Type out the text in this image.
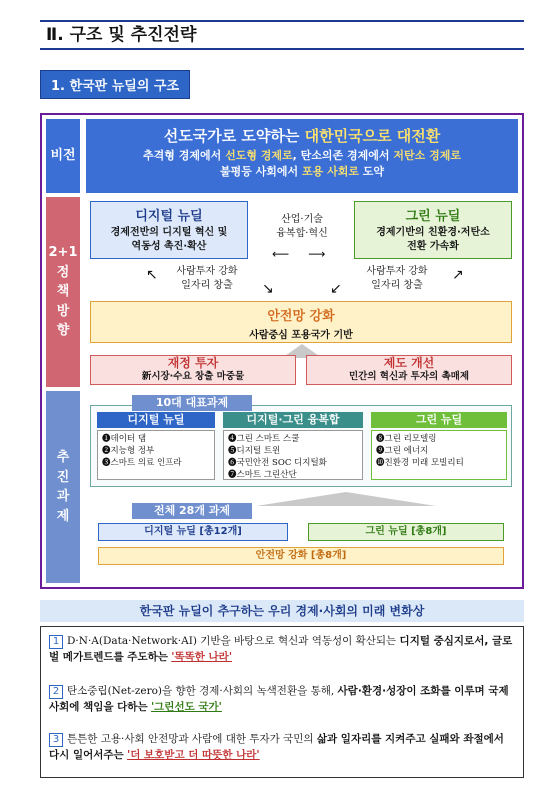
Ⅱ. 구조 및 추진전략
1. 한국판 뉴딜의 구조
비전
2+1
정
책
방
향
추
진
과
제
선도국가로 도약하는 대한민국으로 대전환
추격형 경제에서 선도형 경제로, 탄소의존 경제에서 저탄소 경제로
불평등 사회에서 포용 사회로 도약
디지털 뉴딜
경제전반의 디지털 혁신 및
역동성 촉진·확산
산업·기술
융복합·혁신
⟵     ⟶
그린 뉴딜
경제기반의 친환경·저탄소
전환 가속화
↖	사람투자 강화
일자리 창출	↘	↙
사람투자 강화
일자리 창출
↗
안전망 강화
사람중심 포용국가 기반
재정 투자
新시장·수요 창출 마중물
제도 개선
민간의 혁신과 투자의 촉매제
디지털 뉴딜
❶데이터 댐
❷지능형 정부
❸스마트 의료 인프라
디지털·그린 융복합
❹그린 스마트 스쿨
❺디지털 트윈
❻국민안전 SOC 디지털화
❼스마트 그린산단
그린 뉴딜
❽그린 리모델링
❾그린 에너지
❿친환경 미래 모빌리티
10대 대표과제
전체 28개 과제
디지털 뉴딜 [총12개]	그린 뉴딜 [총8개]
안전망 강화 [총8개]
한국판 뉴딜이 추구하는 우리 경제·사회의 미래 변화상
1 D·N·A(Data·Network·AI) 기반을 바탕으로 혁신과 역동성이 확산되는 디지털 중심지로서, 글로벌 메가트렌드를 주도하는 '똑똑한 나라'
2 탄소중립(Net-zero)을 향한 경제·사회의 녹색전환을 통해, 사람·환경·성장이 조화를 이루며 국제사회에 책임을 다하는 '그린선도 국가'
3 튼튼한 고용·사회 안전망과 사람에 대한 투자가 국민의 삶과 일자리를 지켜주고 실패와 좌절에서 다시 일어서주는 '더 보호받고 더 따뜻한 나라'
